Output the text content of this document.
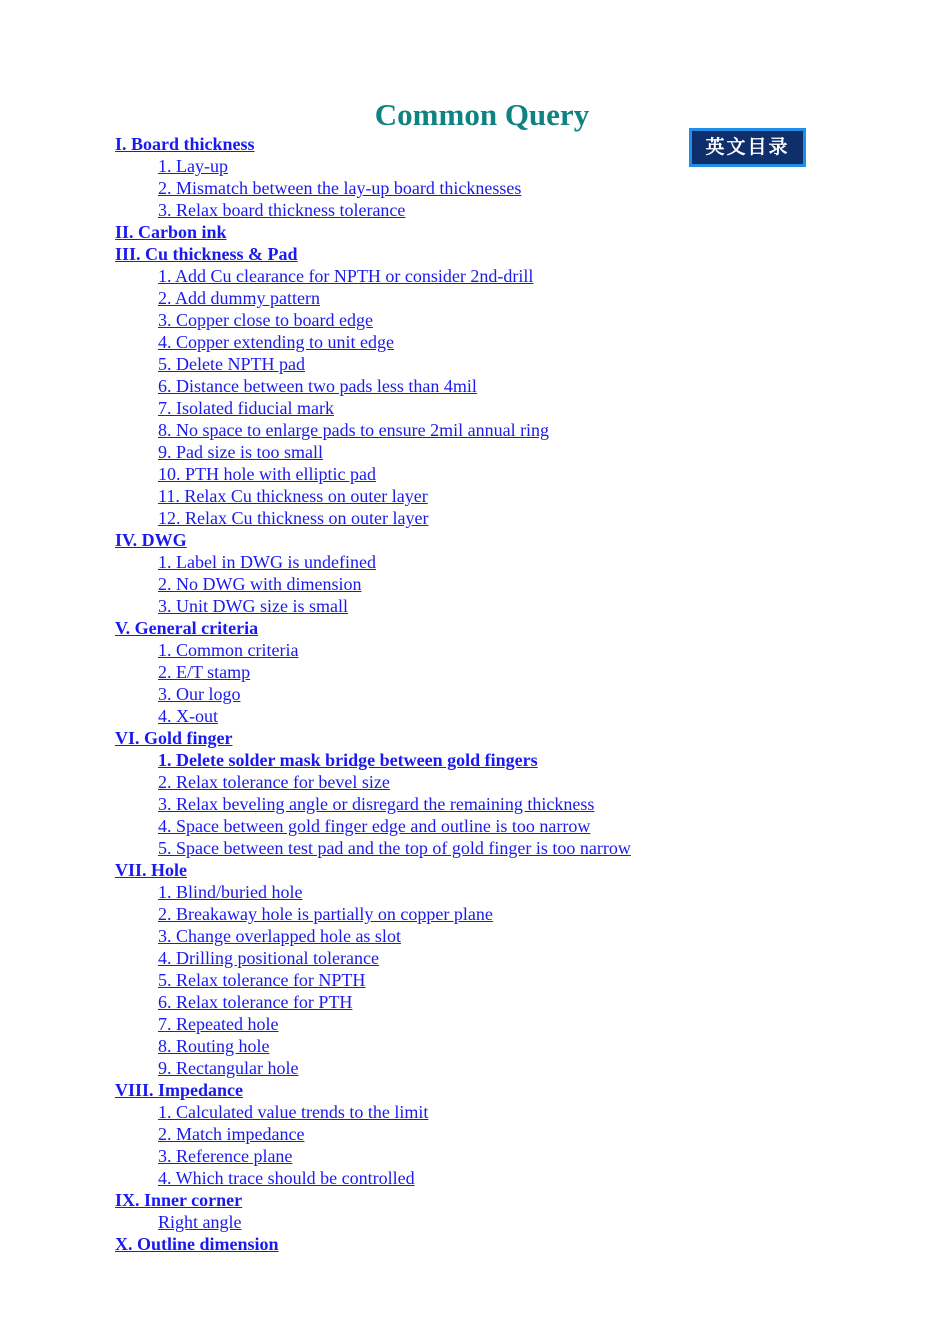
Common Query
英文目录
I. Board thickness
1. Lay-up
2. Mismatch between the lay-up board thicknesses
3. Relax board thickness tolerance
II. Carbon ink
III. Cu thickness & Pad
1. Add Cu clearance for NPTH or consider 2nd-drill
2. Add dummy pattern
3. Copper close to board edge
4. Copper extending to unit edge
5. Delete NPTH pad
6. Distance between two pads less than 4mil
7. Isolated fiducial mark
8. No space to enlarge pads to ensure 2mil annual ring
9. Pad size is too small
10. PTH hole with elliptic pad
11. Relax Cu thickness on outer layer
12. Relax Cu thickness on outer layer
IV. DWG
1. Label in DWG is undefined
2. No DWG with dimension
3. Unit DWG size is small
V. General criteria
1. Common criteria
2. E/T stamp
3. Our logo
4. X-out
VI. Gold finger
1. Delete solder mask bridge between gold fingers
2. Relax tolerance for bevel size
3. Relax beveling angle or disregard the remaining thickness
4. Space between gold finger edge and outline is too narrow
5. Space between test pad and the top of gold finger is too narrow
VII. Hole
1. Blind/buried hole
2. Breakaway hole is partially on copper plane
3. Change overlapped hole as slot
4. Drilling positional tolerance
5. Relax tolerance for NPTH
6. Relax tolerance for PTH
7. Repeated hole
8. Routing hole
9. Rectangular hole
VIII. Impedance
1. Calculated value trends to the limit
2. Match impedance
3. Reference plane
4. Which trace should be controlled
IX. Inner corner
Right angle
X. Outline dimension
